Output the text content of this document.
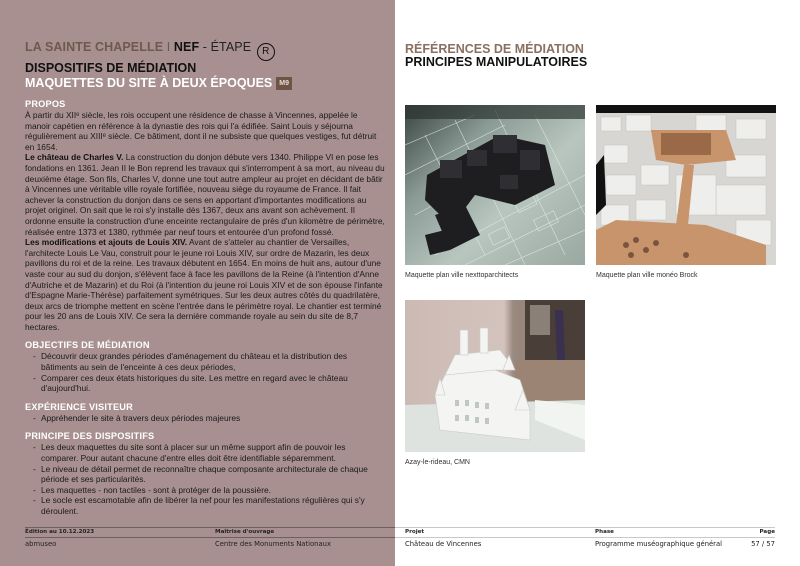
LA SAINTE CHAPELLE I NEF - ÉTAPE R
DISPOSITIFS DE MÉDIATION
MAQUETTES DU SITE À DEUX ÉPOQUES M9
PROPOS
À partir du XIIᵉ siècle, les rois occupent une résidence de chasse à Vincennes, appelée le manoir capétien en référence à la dynastie des rois qui l'a édifiée. Saint Louis y séjourna régulièrement au XIIIᵉ siècle. Ce bâtiment, dont il ne subsiste que quelques vestiges, fut détruit en 1654.
Le château de Charles V. La construction du donjon débute vers 1340. Philippe VI en pose les fondations en 1361. Jean II le Bon reprend les travaux qui s'interrompent à sa mort, au niveau du deuxième étage. Son fils, Charles V, donne une tout autre ampleur au projet en décidant de bâtir à Vincennes une véritable ville royale fortifiée, nouveau siège du royaume de France. Il fait achever la construction du donjon dans ce sens en apportant d'importantes modifications au projet originel. On sait que le roi s'y installe dès 1367, deux ans avant son achèvement. Il ordonne ensuite la construction d'une enceinte rectangulaire de près d'un kilomètre de périmètre, réalisée entre 1373 et 1380, rythmée par neuf tours et entourée d'un profond fossé.
Les modifications et ajouts de Louis XIV. Avant de s'atteler au chantier de Versailles, l'architecte Louis Le Vau, construit pour le jeune roi Louis XIV, sur ordre de Mazarin, les deux pavillons du roi et de la reine. Les travaux débutent en 1654. En moins de huit ans, autour d'une vaste cour au sud du donjon, s'élèvent face à face les pavillons de la Reine (à l'intention d'Anne d'Autriche et de Mazarin) et du Roi (à l'intention du jeune roi Louis XIV et de son épouse l'infante d'Espagne Marie-Thérèse) parfaitement symétriques. Sur les deux autres côtés du quadrilatère, deux arcs de triomphe mettent en scène l'entrée dans le périmètre royal. Le chantier est terminé pour les 20 ans de Louis XIV. Ce sera la dernière commande royale au sein du site de 8,7 hectares.
OBJECTIFS DE MÉDIATION
- Découvrir deux grandes périodes d'aménagement du château et la distribution des bâtiments au sein de l'enceinte à ces deux périodes,
- Comparer ces deux états historiques du site. Les mettre en regard avec le château d'aujourd'hui.
EXPÉRIENCE VISITEUR
- Appréhender le site à travers deux périodes majeures
PRINCIPE DES DISPOSITIFS
- Les deux maquettes du site sont à placer sur un même support afin de pouvoir les comparer. Pour autant chacune d'entre elles doit être identifiable séparemment.
- Le niveau de détail permet de reconnaître chaque composante architecturale de chaque période et ses particularités.
- Les maquettes - non tactiles - sont à protéger de la poussière.
- Le socle est escamotable afin de libérer la nef pour les manifestations régulières qui s'y déroulent.
RÉFÉRENCES DE MÉDIATION
PRINCIPES MANIPULATOIRES
Maquette plan ville nexttoparchitects	Maquette plan ville monéo Brock
Azay-le-rideau, CMN
Édition au 10.12.2023
abmuseo
Maîtrise d'ouvrage
Centre des Monuments Nationaux
Projet
Château de Vincennes
Phase
Programme muséographique général
Page
57 / 57
